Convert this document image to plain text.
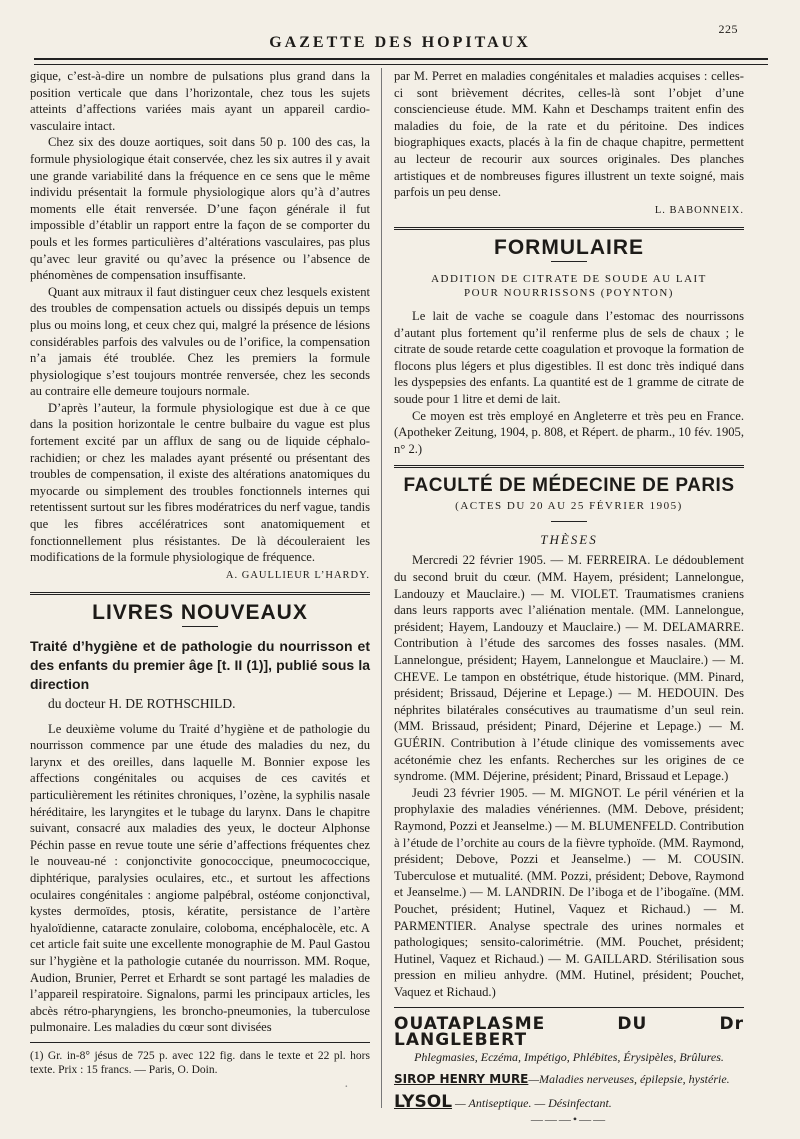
GAZETTE DES HOPITAUX
225

gique, c’est-à-dire un nombre de pulsations plus grand dans la position verticale que dans l’horizontale, chez tous les sujets atteints d’affections variées mais ayant un appareil cardio-vasculaire intact.

Chez six des douze aortiques, soit dans 50 p. 100 des cas, la formule physiologique était conservée, chez les six autres il y avait une grande variabilité dans la fréquence en ce sens que le même individu présentait la formule physiologique alors qu’à d’autres moments elle était renversée. D’une façon générale il fut impossible d’établir un rapport entre la façon de se comporter du pouls et les formes particulières d’altérations vasculaires, pas plus qu’avec leur gravité ou qu’avec la présence ou l’absence de phénomènes de compensation insuffisante.

Quant aux mitraux il faut distinguer ceux chez lesquels existent des troubles de compensation actuels ou dissipés depuis un temps plus ou moins long, et ceux chez qui, malgré la présence de lésions considérables parfois des valvules ou de l’orifice, la compensation n’a jamais été troublée. Chez les premiers la formule physiologique s’est toujours montrée renversée, chez les seconds au contraire elle demeure toujours normale.

D’après l’auteur, la formule physiologique est due à ce que dans la position horizontale le centre bulbaire du vague est plus fortement excité par un afflux de sang ou de liquide céphalo-rachidien; or chez les malades ayant présenté ou présentant des troubles de compensation, il existe des altérations anatomiques du myocarde ou simplement des troubles fonctionnels internes qui retentissent surtout sur les fibres modératrices du nerf vague, tandis que les fibres accélératrices sont anatomiquement et fonctionnellement plus résistantes. De là découleraient les modifications de la formule physiologique de fréquence.

A. GAULLIEUR L’HARDY.
LIVRES NOUVEAUX
Traité d’hygiène et de pathologie du nourrisson et des enfants du premier âge [t. II (1)], publié sous la direction
du docteur H. DE ROTHSCHILD.

Le deuxième volume du Traité d’hygiène et de pathologie du nourrisson commence par une étude des maladies du nez, du larynx et des oreilles, dans laquelle M. Bonnier expose les affections congénitales ou acquises de ces cavités et particulièrement les rétinites chroniques, l’ozène, la syphilis nasale héréditaire, les laryngites et le tubage du larynx. Dans le chapitre suivant, consacré aux maladies des yeux, le docteur Alphonse Péchin passe en revue toute une série d’affections fréquentes chez le nouveau-né : conjonctivite gonococcique, pneumococcique, diphtérique, paralysies oculaires, etc., et surtout les affections oculaires congénitales : angiome palpébral, ostéome conjonctival, kystes dermoïdes, ptosis, kératite, persistance de l’artère hyaloïdienne, cataracte zonulaire, coloboma, encéphalocèle, etc. A cet article fait suite une excellente monographie de M. Paul Gastou sur l’hygiène et la pathologie cutanée du nourrisson. MM. Roque, Audion, Brunier, Perret et Erhardt se sont partagé les maladies de l’appareil respiratoire. Signalons, parmi les principaux articles, les abcès rétro-pharyngiens, les broncho-pneumonies, la tuberculose pulmonaire. Les maladies du cœur sont divisées

(1) Gr. in-8° jésus de 725 p. avec 122 fig. dans le texte et 22 pl. hors texte. Prix : 15 francs. — Paris, O. Doin.

par M. Perret en maladies congénitales et maladies acquises : celles-ci sont brièvement décrites, celles-là sont l’objet d’une consciencieuse étude. MM. Kahn et Deschamps traitent enfin des maladies du foie, de la rate et du péritoine. Des indices biographiques exacts, placés à la fin de chaque chapitre, permettent au lecteur de recourir aux sources originales. Des planches artistiques et de nombreuses figures illustrent un texte soigné, mais parfois un peu dense.

L. BABONNEIX.
FORMULAIRE
ADDITION DE CITRATE DE SOUDE AU LAIT
POUR NOURRISSONS (POYNTON)

Le lait de vache se coagule dans l’estomac des nourrissons d’autant plus fortement qu’il renferme plus de sels de chaux ; le citrate de soude retarde cette coagulation et provoque la formation de flocons plus légers et plus digestibles. Il est donc très indiqué dans les dyspepsies des enfants. La quantité est de 1 gramme de citrate de soude pour 1 litre et demi de lait.

Ce moyen est très employé en Angleterre et très peu en France. (Apotheker Zeitung, 1904, p. 808, et Répert. de pharm., 10 fév. 1905, n° 2.)

FACULTÉ DE MÉDECINE DE PARIS
(ACTES DU 20 AU 25 FÉVRIER 1905)
THÈSES

Mercredi 22 février 1905. — M. FERREIRA. Le dédoublement du second bruit du cœur. (MM. Hayem, président; Lannelongue, Landouzy et Mauclaire.) — M. VIOLET. Traumatismes craniens dans leurs rapports avec l’aliénation mentale. (MM. Lannelongue, président; Hayem, Landouzy et Mauclaire.) — M. DELAMARRE. Contribution à l’étude des sarcomes des fosses nasales. (MM. Lannelongue, président; Hayem, Lannelongue et Mauclaire.) — M. CHEVE. Le tampon en obstétrique, étude historique. (MM. Pinard, président; Brissaud, Déjerine et Lepage.) — M. HEDOUIN. Des néphrites bilatérales consécutives au traumatisme d’un seul rein. (MM. Brissaud, président; Pinard, Déjerine et Lepage.) — M. GUÉRIN. Contribution à l’étude clinique des vomissements avec acétonémie chez les enfants. Recherches sur les origines de ce syndrome. (MM. Déjerine, président; Pinard, Brissaud et Lepage.)

Jeudi 23 février 1905. — M. MIGNOT. Le péril vénérien et la prophylaxie des maladies vénériennes. (MM. Debove, président; Raymond, Pozzi et Jeanselme.) — M. BLUMENFELD. Contribution à l’étude de l’orchite au cours de la fièvre typhoïde. (MM. Raymond, président; Debove, Pozzi et Jeanselme.) — M. COUSIN. Tuberculose et mutualité. (MM. Pozzi, président; Debove, Raymond et Jeanselme.) — M. LANDRIN. De l’iboga et de l’ibogaïne. (MM. Pouchet, président; Hutinel, Vaquez et Richaud.) — M. PARMENTIER. Analyse spectrale des urines normales et pathologiques; sensito-calorimétrie. (MM. Pouchet, président; Hutinel, Vaquez et Richaud.) — M. GAILLARD. Stérilisation sous pression en milieu anhydre. (MM. Hutinel, président; Pouchet, Vaquez et Richaud.)

OUATAPLASME DU Dr LANGLEBERT
Phlegmasies, Eczéma, Impétigo, Phlébites, Érysipèles, Brûlures.
SIROP HENRY MURE—Maladies nerveuses, épilepsie, hystérie.
LYSOL — Antiseptique. — Désinfectant.
———•——
·
